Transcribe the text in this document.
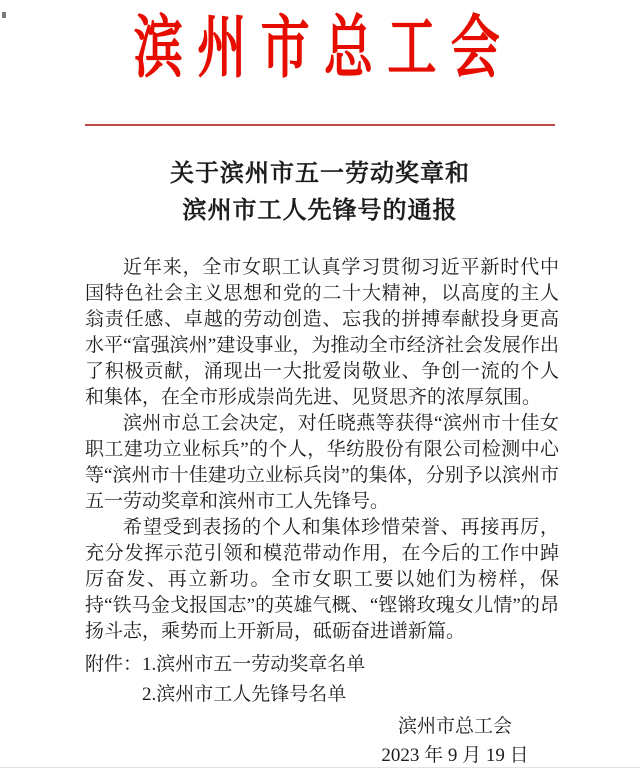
滨州市总工会
关于滨州市五一劳动奖章和
滨州市工人先锋号的通报

近年来，全市女职工认真学习贯彻习近平新时代中国特色社会主义思想和党的二十大精神，以高度的主人翁责任感、卓越的劳动创造、忘我的拼搏奉献投身更高水平“富强滨州”建设事业，为推动全市经济社会发展作出了积极贡献，涌现出一大批爱岗敬业、争创一流的个人和集体，在全市形成崇尚先进、见贤思齐的浓厚氛围。

滨州市总工会决定，对任晓燕等获得“滨州市十佳女职工建功立业标兵”的个人，华纺股份有限公司检测中心等“滨州市十佳建功立业标兵岗”的集体，分别予以滨州市五一劳动奖章和滨州市工人先锋号。

希望受到表扬的个人和集体珍惜荣誉、再接再厉，充分发挥示范引领和模范带动作用，在今后的工作中踔厉奋发、再立新功。全市女职工要以她们为榜样，保持“铁马金戈报国志”的英雄气概、“铿锵玫瑰女儿情”的昂扬斗志，乘势而上开新局，砥砺奋进谱新篇。

附件： 1.滨州市五一劳动奖章名单
2.滨州市工人先锋号名单
滨州市总工会
2023 年 9 月 19 日
